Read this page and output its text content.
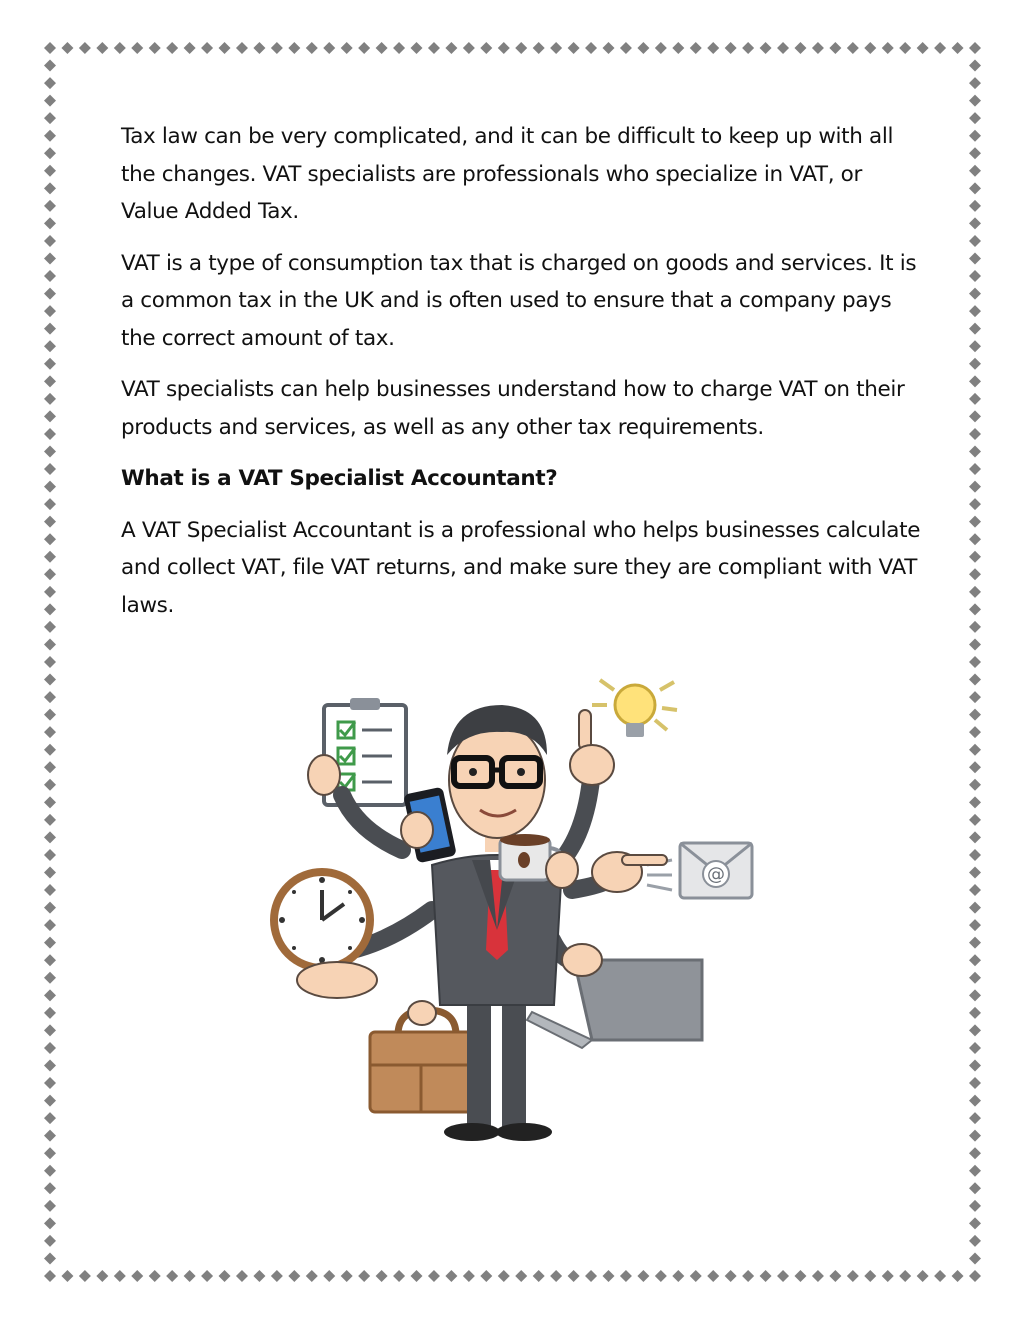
Tax law can be very complicated, and it can be difficult to keep up with all the changes. VAT specialists are professionals who specialize in VAT, or Value Added Tax.

VAT is a type of consumption tax that is charged on goods and services. It is a common tax in the UK and is often used to ensure that a company pays the correct amount of tax.

VAT specialists can help businesses understand how to charge VAT on their products and services, as well as any other tax requirements.

What is a VAT Specialist Accountant?

A VAT Specialist Accountant is a professional who helps businesses calculate and collect VAT, file VAT returns, and make sure they are compliant with VAT laws.

@
